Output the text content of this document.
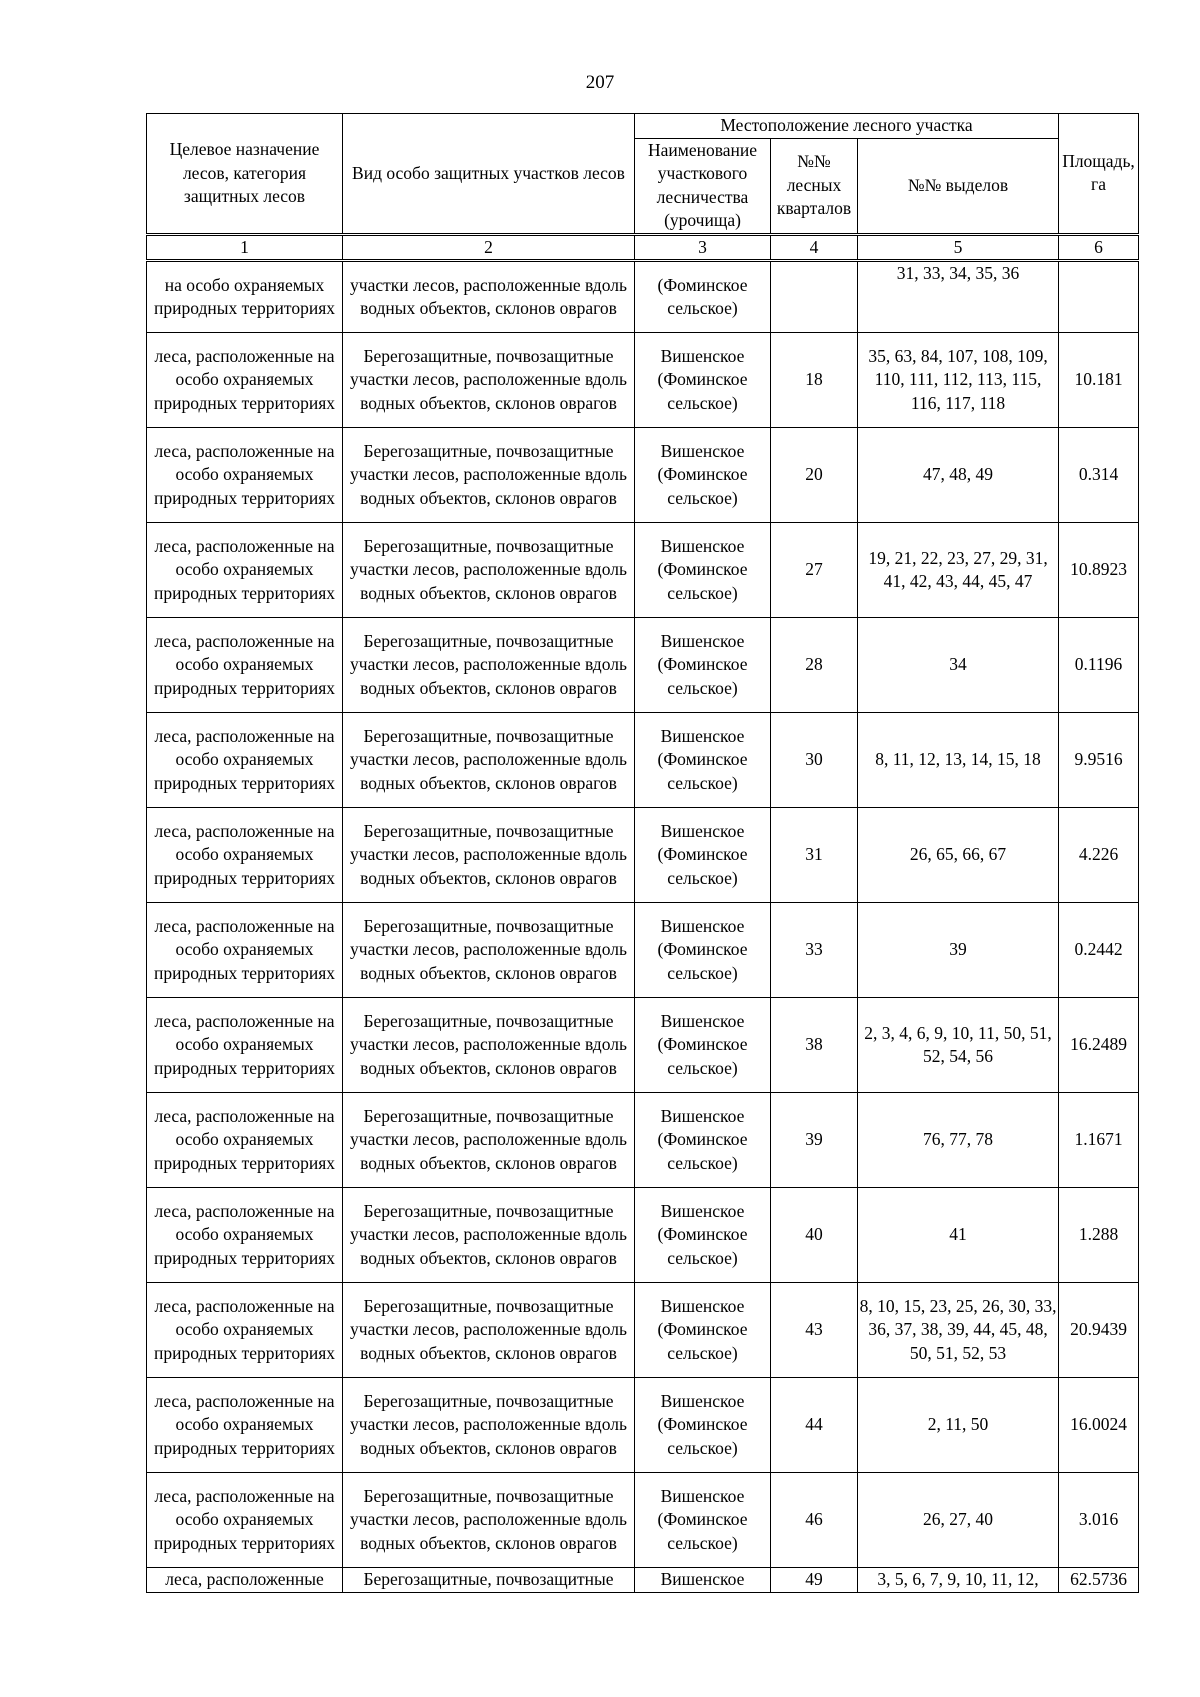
207
Целевое назначение лесов, категория защитных лесов	Вид особо защитных участков лесов	Местоположение лесного участка			Площадь, га
		Наименование участкового лесничества (урочища)	№№ лесных кварталов	№№ выделов	
1	2	3	4	5	6
на особо охраняемых природных территориях	участки лесов, расположенные вдоль водных объектов, склонов оврагов	(Фоминское сельское)		31, 33, 34, 35, 36	
леса, расположенные на особо охраняемых природных территориях	Берегозащитные, почвозащитные участки лесов, расположенные вдоль водных объектов, склонов оврагов	Вишенское (Фоминское сельское)	18	35, 63, 84, 107, 108, 109, 110, 111, 112, 113, 115, 116, 117, 118	10.181
леса, расположенные на особо охраняемых природных территориях	Берегозащитные, почвозащитные участки лесов, расположенные вдоль водных объектов, склонов оврагов	Вишенское (Фоминское сельское)	20	47, 48, 49	0.314
леса, расположенные на особо охраняемых природных территориях	Берегозащитные, почвозащитные участки лесов, расположенные вдоль водных объектов, склонов оврагов	Вишенское (Фоминское сельское)	27	19, 21, 22, 23, 27, 29, 31, 41, 42, 43, 44, 45, 47	10.8923
леса, расположенные на особо охраняемых природных территориях	Берегозащитные, почвозащитные участки лесов, расположенные вдоль водных объектов, склонов оврагов	Вишенское (Фоминское сельское)	28	34	0.1196
леса, расположенные на особо охраняемых природных территориях	Берегозащитные, почвозащитные участки лесов, расположенные вдоль водных объектов, склонов оврагов	Вишенское (Фоминское сельское)	30	8, 11, 12, 13, 14, 15, 18	9.9516
леса, расположенные на особо охраняемых природных территориях	Берегозащитные, почвозащитные участки лесов, расположенные вдоль водных объектов, склонов оврагов	Вишенское (Фоминское сельское)	31	26, 65, 66, 67	4.226
леса, расположенные на особо охраняемых природных территориях	Берегозащитные, почвозащитные участки лесов, расположенные вдоль водных объектов, склонов оврагов	Вишенское (Фоминское сельское)	33	39	0.2442
леса, расположенные на особо охраняемых природных территориях	Берегозащитные, почвозащитные участки лесов, расположенные вдоль водных объектов, склонов оврагов	Вишенское (Фоминское сельское)	38	2, 3, 4, 6, 9, 10, 11, 50, 51, 52, 54, 56	16.2489
леса, расположенные на особо охраняемых природных территориях	Берегозащитные, почвозащитные участки лесов, расположенные вдоль водных объектов, склонов оврагов	Вишенское (Фоминское сельское)	39	76, 77, 78	1.1671
леса, расположенные на особо охраняемых природных территориях	Берегозащитные, почвозащитные участки лесов, расположенные вдоль водных объектов, склонов оврагов	Вишенское (Фоминское сельское)	40	41	1.288
леса, расположенные на особо охраняемых природных территориях	Берегозащитные, почвозащитные участки лесов, расположенные вдоль водных объектов, склонов оврагов	Вишенское (Фоминское сельское)	43	8, 10, 15, 23, 25, 26, 30, 33, 36, 37, 38, 39, 44, 45, 48, 50, 51, 52, 53	20.9439
леса, расположенные на особо охраняемых природных территориях	Берегозащитные, почвозащитные участки лесов, расположенные вдоль водных объектов, склонов оврагов	Вишенское (Фоминское сельское)	44	2, 11, 50	16.0024
леса, расположенные на особо охраняемых природных территориях	Берегозащитные, почвозащитные участки лесов, расположенные вдоль водных объектов, склонов оврагов	Вишенское (Фоминское сельское)	46	26, 27, 40	3.016
леса, расположенные	Берегозащитные, почвозащитные	Вишенское	49	3, 5, 6, 7, 9, 10, 11, 12,	62.5736
